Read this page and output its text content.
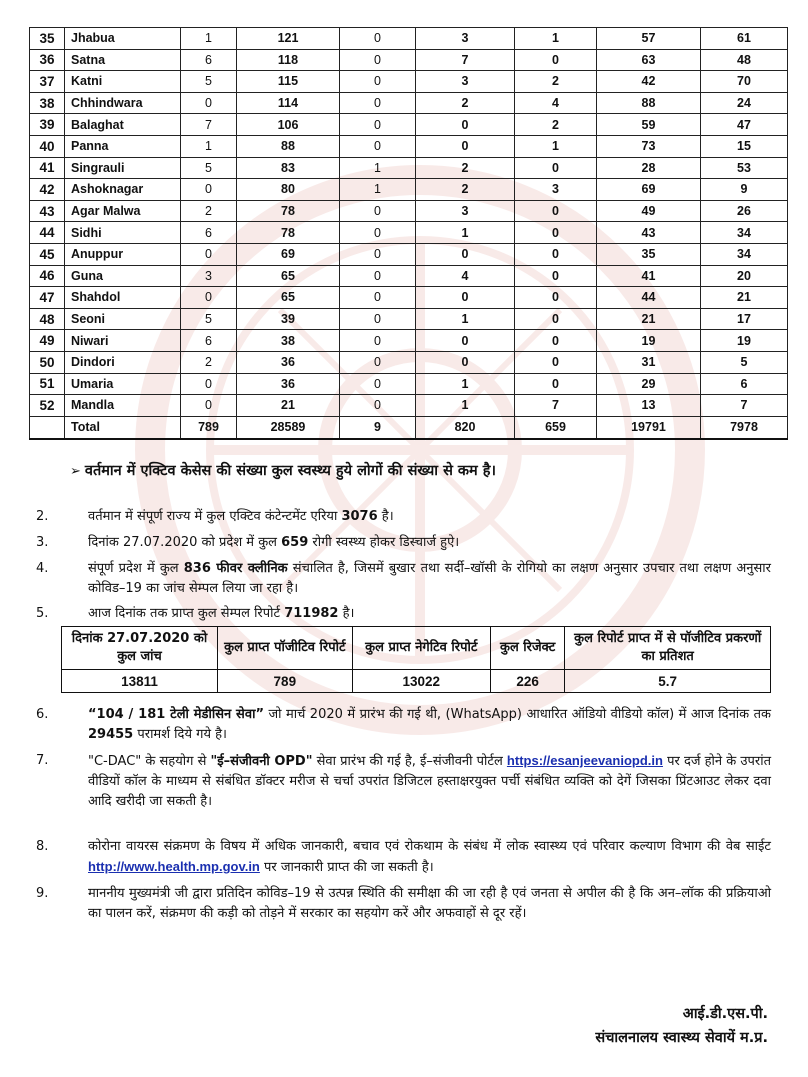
35	Jhabua	1	121	0	3	1	57	61
36	Satna	6	118	0	7	0	63	48
37	Katni	5	115	0	3	2	42	70
38	Chhindwara	0	114	0	2	4	88	24
39	Balaghat	7	106	0	0	2	59	47
40	Panna	1	88	0	0	1	73	15
41	Singrauli	5	83	1	2	0	28	53
42	Ashoknagar	0	80	1	2	3	69	9
43	Agar Malwa	2	78	0	3	0	49	26
44	Sidhi	6	78	0	1	0	43	34
45	Anuppur	0	69	0	0	0	35	34
46	Guna	3	65	0	4	0	41	20
47	Shahdol	0	65	0	0	0	44	21
48	Seoni	5	39	0	1	0	21	17
49	Niwari	6	38	0	0	0	19	19
50	Dindori	2	36	0	0	0	31	5
51	Umaria	0	36	0	1	0	29	6
52	Mandla	0	21	0	1	7	13	7
	Total	789	28589	9	820	659	19791	7978
➢ वर्तमान में एक्टिव केसेस की संख्या कुल स्वस्थ्य हुये लोगों की संख्या से कम है।
2.	वर्तमान में संपूर्ण राज्य में कुल एक्टिव कंटेन्टमेंट एरिया 3076 है।
3.	दिनांक 27.07.2020 को प्रदेश में कुल 659 रोगी स्वस्थ्य होकर डिस्चार्ज हुऐ।
4.	संपूर्ण प्रदेश में कुल 836 फीवर क्लीनिक संचालित है, जिसमें बुखार तथा सर्दी–खॉसी के रोगियो का लक्षण अनुसार उपचार तथा लक्षण अनुसार कोविड–19 का जांच सेम्पल लिया जा रहा है।
5.	आज दिनांक तक प्राप्त कुल सेम्पल रिपोर्ट 711982 है।
दिनांक 27.07.2020 को कुल जांच	कुल प्राप्त पॉजीटिव रिपोर्ट	कुल प्राप्त नेगेटिव रिपोर्ट	कुल रिजेक्ट	कुल रिपोर्ट प्राप्त में से पॉजीटिव प्रकरणों का प्रतिशत
13811	789	13022	226	5.7
6.	“104 / 181 टेली मेडीसिन सेवा” जो मार्च 2020 में प्रारंभ की गई थी, (WhatsApp) आधारित ऑडियो वीडियो कॉल) में आज दिनांक तक 29455 परामर्श दिये गये है।
7.	"C-DAC" के सहयोग से "ई–संजीवनी OPD" सेवा प्रारंभ की गई है, ई–संजीवनी पोर्टल https://esanjeevaniopd.in पर दर्ज होने के उपरांत वीडियों कॉल के माध्यम से संबंधित डॉक्टर मरीज से चर्चा उपरांत डिजिटल हस्ताक्षरयुक्त पर्ची संबंधित व्यक्ति को देगें जिसका प्रिंटआउट लेकर दवा आदि खरीदी जा सकती है।
8.	कोरोना वायरस संक्रमण के विषय में अधिक जानकारी, बचाव एवं रोकथाम के संबंध में लोक स्वास्थ्य एवं परिवार कल्याण विभाग की वेब साईट http://www.health.mp.gov.in पर जानकारी प्राप्त की जा सकती है।
9.	माननीय मुख्यमंत्री जी द्वारा प्रतिदिन कोविड–19 से उत्पन्न स्थिति की समीक्षा की जा रही है एवं जनता से अपील की है कि अन–लॉक की प्रक्रियाओ का पालन करें, संक्रमण की कड़ी को तोड़ने में सरकार का सहयोग करें और अफवाहों से दूर रहें।
आई.डी.एस.पी.
संचालनालय स्वास्थ्य सेवायें म.प्र.
